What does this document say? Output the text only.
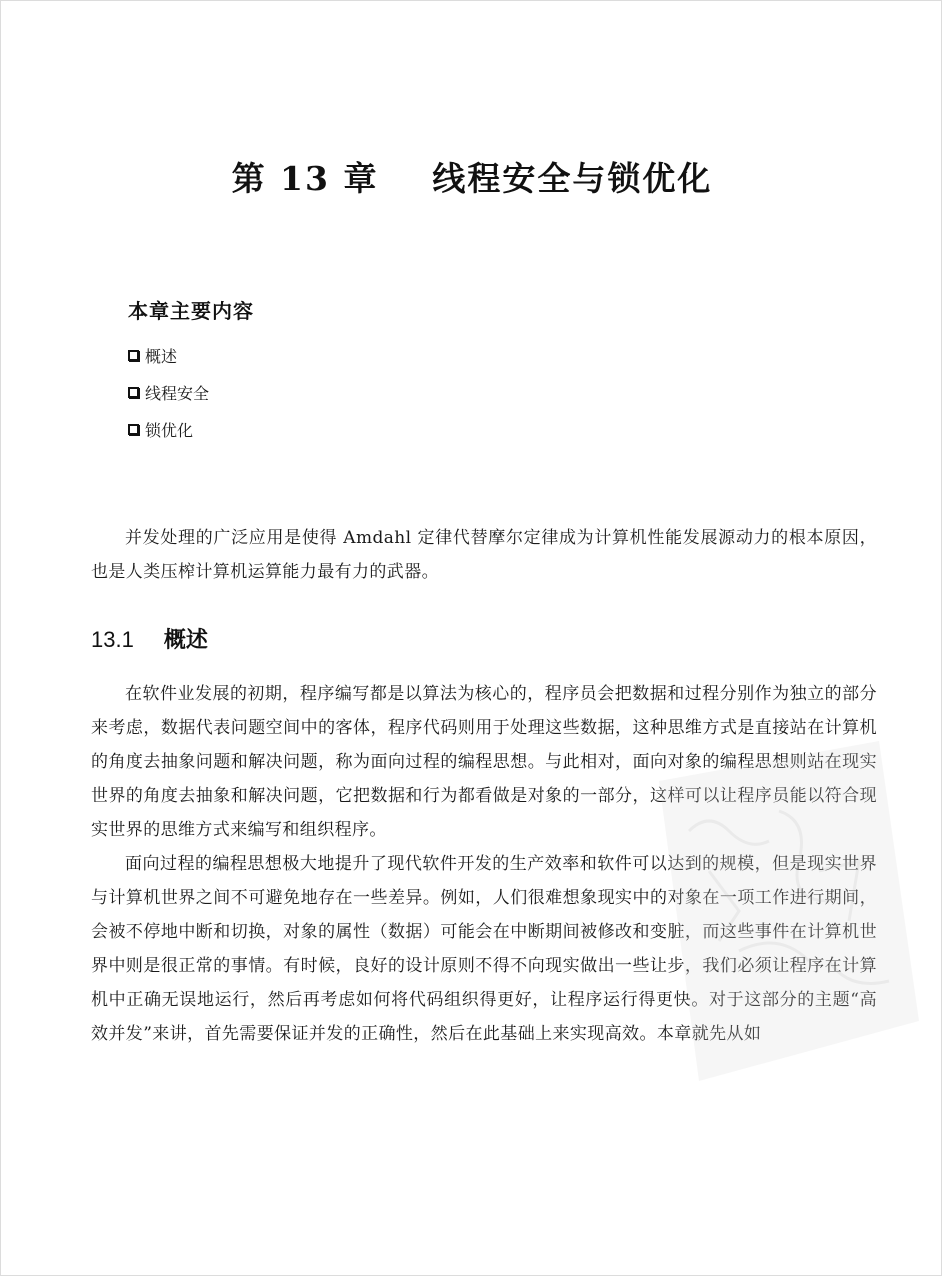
第 13 章    线程安全与锁优化
本章主要内容
概述
线程安全
锁优化

并发处理的广泛应用是使得 Amdahl 定律代替摩尔定律成为计算机性能发展源动力的根本原因，也是人类压榨计算机运算能力最有力的武器。

13.1 概述

在软件业发展的初期，程序编写都是以算法为核心的，程序员会把数据和过程分别作为独立的部分来考虑，数据代表问题空间中的客体，程序代码则用于处理这些数据，这种思维方式是直接站在计算机的角度去抽象问题和解决问题，称为面向过程的编程思想。与此相对，面向对象的编程思想则站在现实世界的角度去抽象和解决问题，它把数据和行为都看做是对象的一部分，这样可以让程序员能以符合现实世界的思维方式来编写和组织程序。

面向过程的编程思想极大地提升了现代软件开发的生产效率和软件可以达到的规模，但是现实世界与计算机世界之间不可避免地存在一些差异。例如，人们很难想象现实中的对象在一项工作进行期间，会被不停地中断和切换，对象的属性（数据）可能会在中断期间被修改和变脏，而这些事件在计算机世界中则是很正常的事情。有时候，良好的设计原则不得不向现实做出一些让步，我们必须让程序在计算机中正确无误地运行，然后再考虑如何将代码组织得更好，让程序运行得更快。对于这部分的主题“高效并发”来讲，首先需要保证并发的正确性，然后在此基础上来实现高效。本章就先从如
